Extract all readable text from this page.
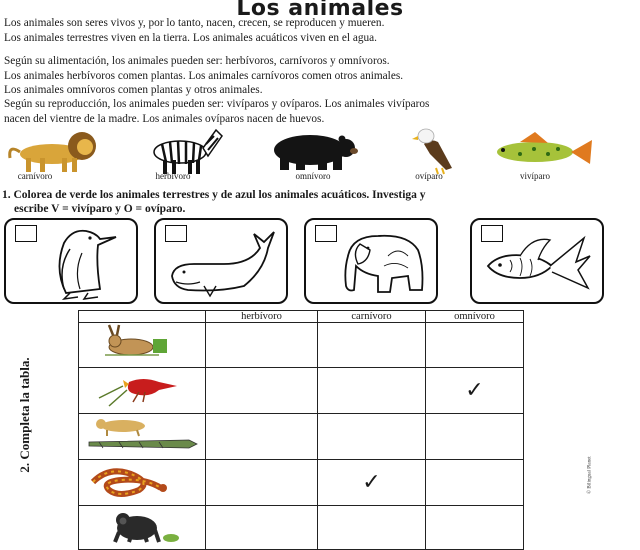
Los animales
Los animales son seres vivos y, por lo tanto, nacen, crecen, se reproducen y mueren.
Los animales terrestres viven en la tierra. Los animales acuáticos viven en el agua.
Según su alimentación, los animales pueden ser: herbívoros, carnívoros y omnívoros.
Los animales herbívoros comen plantas. Los animales carnívoros comen otros animales.
Los animales omnívoros comen plantas y otros animales.
Según su reproducción, los animales pueden ser: vivíparos y ovíparos. Los animales vivíparos
nacen del vientre de la madre. Los animales ovíparos nacen de huevos.
carnívoro	herbívoro	omnívoro	ovíparo	vivíparo
1. Colorea de verde los animales terrestres y de azul los animales acuáticos. Investiga y
escribe V = vivíparo y O = ovíparo.
2. Completa la tabla.
	herbívoro	carnívoro	omnívoro

			✓

		✓	
				© Bilingual Planet
